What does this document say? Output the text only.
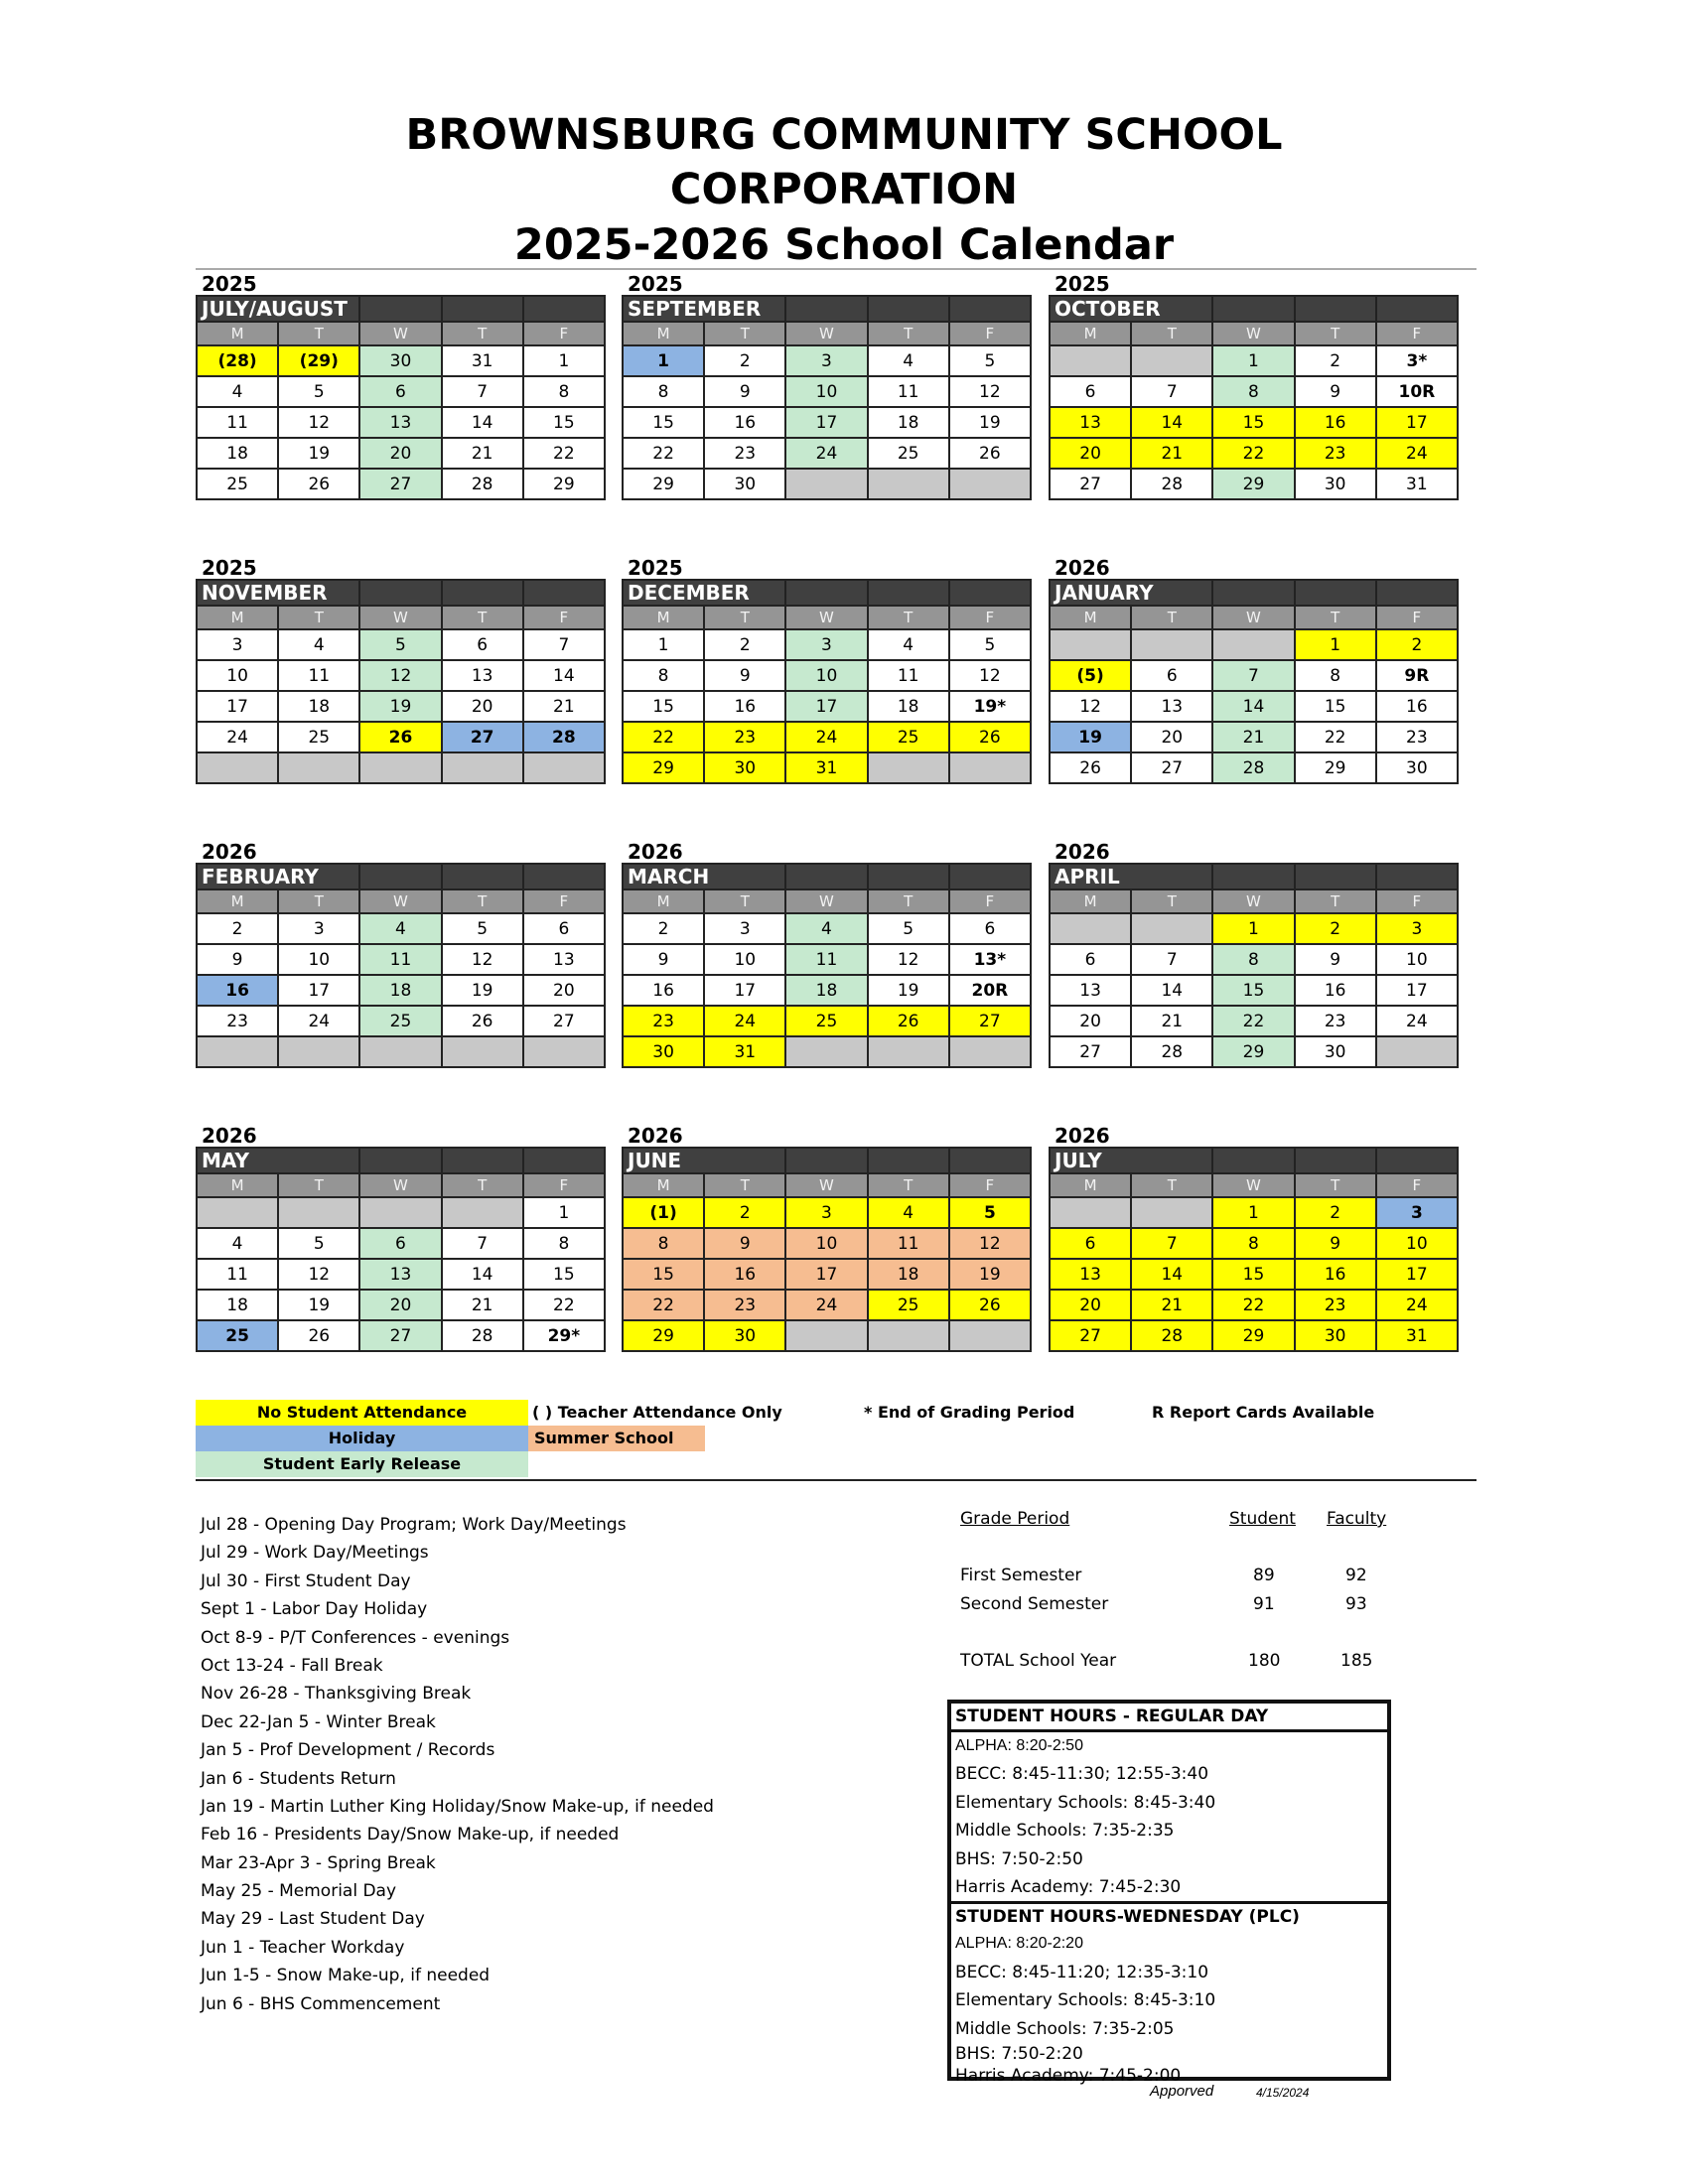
BROWNSBURG COMMUNITY SCHOOL
CORPORATION
2025-2026 School Calendar
2025
JULY/AUGUST				
M	T	W	T	F
(28)	(29)	30	31	1
4	5	6	7	8
11	12	13	14	15
18	19	20	21	22
25	26	27	28	29
2025
SEPTEMBER				
M	T	W	T	F
1	2	3	4	5
8	9	10	11	12
15	16	17	18	19
22	23	24	25	26
29	30			
2025
OCTOBER				
M	T	W	T	F
		1	2	3*
6	7	8	9	10R
13	14	15	16	17
20	21	22	23	24
27	28	29	30	31
2025
NOVEMBER				
M	T	W	T	F
3	4	5	6	7
10	11	12	13	14
17	18	19	20	21
24	25	26	27	28

2025
DECEMBER				
M	T	W	T	F
1	2	3	4	5
8	9	10	11	12
15	16	17	18	19*
22	23	24	25	26
29	30	31		
2026
JANUARY				
M	T	W	T	F
			1	2
(5)	6	7	8	9R
12	13	14	15	16
19	20	21	22	23
26	27	28	29	30
2026
FEBRUARY				
M	T	W	T	F
2	3	4	5	6
9	10	11	12	13
16	17	18	19	20
23	24	25	26	27

2026
MARCH				
M	T	W	T	F
2	3	4	5	6
9	10	11	12	13*
16	17	18	19	20R
23	24	25	26	27
30	31			
2026
APRIL				
M	T	W	T	F
		1	2	3
6	7	8	9	10
13	14	15	16	17
20	21	22	23	24
27	28	29	30	
2026
MAY				
M	T	W	T	F
				1
4	5	6	7	8
11	12	13	14	15
18	19	20	21	22
25	26	27	28	29*
2026
JUNE				
M	T	W	T	F
(1)	2	3	4	5
8	9	10	11	12
15	16	17	18	19
22	23	24	25	26
29	30			
2026
JULY				
M	T	W	T	F
		1	2	3
6	7	8	9	10
13	14	15	16	17
20	21	22	23	24
27	28	29	30	31
No Student Attendance
Holiday
Student Early Release
Summer School
( ) Teacher Attendance Only	* End of Grading Period	R Report Cards Available
Jul 28 - Opening Day Program; Work Day/Meetings
Jul 29 - Work Day/Meetings
Jul 30 - First Student Day
Sept 1 - Labor Day Holiday
Oct 8-9 - P/T Conferences - evenings
Oct 13-24 - Fall Break
Nov 26-28 - Thanksgiving Break
Dec 22-Jan 5 - Winter Break
Jan 5 - Prof Development / Records
Jan 6 - Students Return
Jan 19 - Martin Luther King Holiday/Snow Make-up, if needed
Feb 16 - Presidents Day/Snow Make-up, if needed
Mar 23-Apr 3 - Spring Break
May 25 - Memorial Day
May 29 - Last Student Day
Jun 1 - Teacher Workday
Jun 1-5 - Snow Make-up, if needed
Jun 6 - BHS Commencement
Grade Period	Student Faculty
First Semester	89	92
Second Semester	91	93
TOTAL School Year	180	185
STUDENT HOURS - REGULAR DAY
ALPHA: 8:20-2:50
BECC: 8:45-11:30; 12:55-3:40
Elementary Schools: 8:45-3:40
Middle Schools: 7:35-2:35
BHS: 7:50-2:50
Harris Academy: 7:45-2:30
STUDENT HOURS-WEDNESDAY (PLC)
ALPHA: 8:20-2:20
BECC: 8:45-11:20; 12:35-3:10
Elementary Schools: 8:45-3:10
Middle Schools: 7:35-2:05
BHS: 7:50-2:20
Harris Academy: 7:45-2:00
Apporved	4/15/2024
